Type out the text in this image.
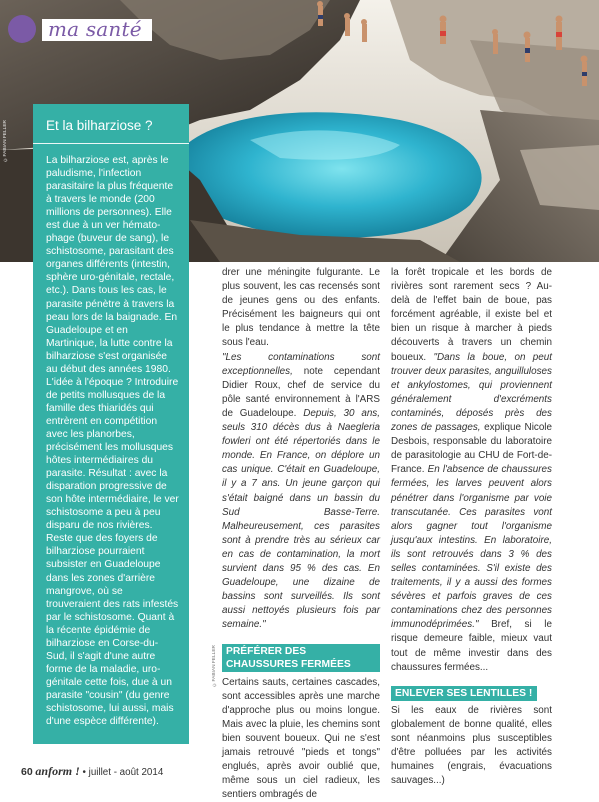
ma santé
©FABIAN FELLER	Et la bilharziose ?

La bilharziose est, après le paludisme, l'infection parasitaire la plus fréquente à travers le monde (200 millions de personnes). Elle est due à un ver hémato-phage (buveur de sang), le schistosome, parasitant des organes différents (intestin, sphère uro-génitale, rectale, etc.). Dans tous les cas, le parasite pénètre à travers la peau lors de la baignade. En Guadeloupe et en Martinique, la lutte contre la bilharziose s'est organisée au début des années 1980. L'idée à l'époque ? Introduire de petits mollusques de la famille des thiaridés qui entrèrent en compétition avec les planorbes, précisément les mollusques hôtes intermédiaires du parasite. Résultat : avec la disparation progressive de son hôte intermédiaire, le ver schistosome a peu à peu disparu de nos rivières. Reste que des foyers de bilharziose pourraient subsister en Guadeloupe dans les zones d'arrière mangrove, où se trouveraient des rats infestés par le schistosome. Quant à la récente épidémie de bilharziose en Corse-du-Sud, il s'agit d'une autre forme de la maladie, uro-génitale cette fois, due à un parasite "cousin" (du genre schistosome, lui aussi, mais d'une espèce différente).

drer une méningite fulgurante. Le plus souvent, les cas recensés sont de jeunes gens ou des enfants. Précisément les baigneurs qui ont le plus tendance à mettre la tête sous l'eau.

"Les contaminations sont exceptionnelles, note cependant Didier Roux, chef de service du pôle santé environnement à l'ARS de Guadeloupe. Depuis, 30 ans, seuls 310 décès dus à Naegleria fowleri ont été répertoriés dans le monde. En France, on déplore un cas unique. C'était en Guadeloupe, il y a 7 ans. Un jeune garçon qui s'était baigné dans un bassin du Sud Basse-Terre. Malheureusement, ces parasites sont à prendre très au sérieux car en cas de contamination, la mort survient dans 95 % des cas. En Guadeloupe, une dizaine de bassins sont surveillés. Ils sont aussi nettoyés plusieurs fois par semaine."

PRÉFÉRER DES CHAUSSURES FERMÉES

Certains sauts, certaines cascades, sont accessibles après une marche d'approche plus ou moins longue. Mais avec la pluie, les chemins sont bien souvent boueux. Qui ne s'est jamais retrouvé "pieds et tongs" englués, après avoir oublié que, même sous un ciel radieux, les sentiers ombragés de

la forêt tropicale et les bords de rivières sont rarement secs ? Au-delà de l'effet bain de boue, pas forcément agréable, il existe bel et bien un risque à marcher à pieds découverts à travers un chemin boueux. "Dans la boue, on peut trouver deux parasites, anguilluloses et ankylostomes, qui proviennent généralement d'excréments contaminés, déposés près des zones de passages, explique Nicole Desbois, responsable du laboratoire de parasitologie au CHU de Fort-de-France. En l'absence de chaussures fermées, les larves peuvent alors pénétrer dans l'organisme par voie transcutanée. Ces parasites vont alors gagner tout l'organisme jusqu'aux intestins. En laboratoire, ils sont retrouvés dans 3 % des selles contaminées. S'il existe des traitements, il y a aussi des formes sévères et parfois graves de ces contaminations chez des personnes immunodéprimées." Bref, si le risque demeure faible, mieux vaut tout de même investir dans des chaussures fermées...

ENLEVER SES LENTILLES !

Si les eaux de rivières sont globalement de bonne qualité, elles sont néanmoins plus susceptibles d'être polluées par les activités humaines (engrais, évacuations sauvages...)

©FABIAN FELLER
60 anform ! • juillet - août 2014
